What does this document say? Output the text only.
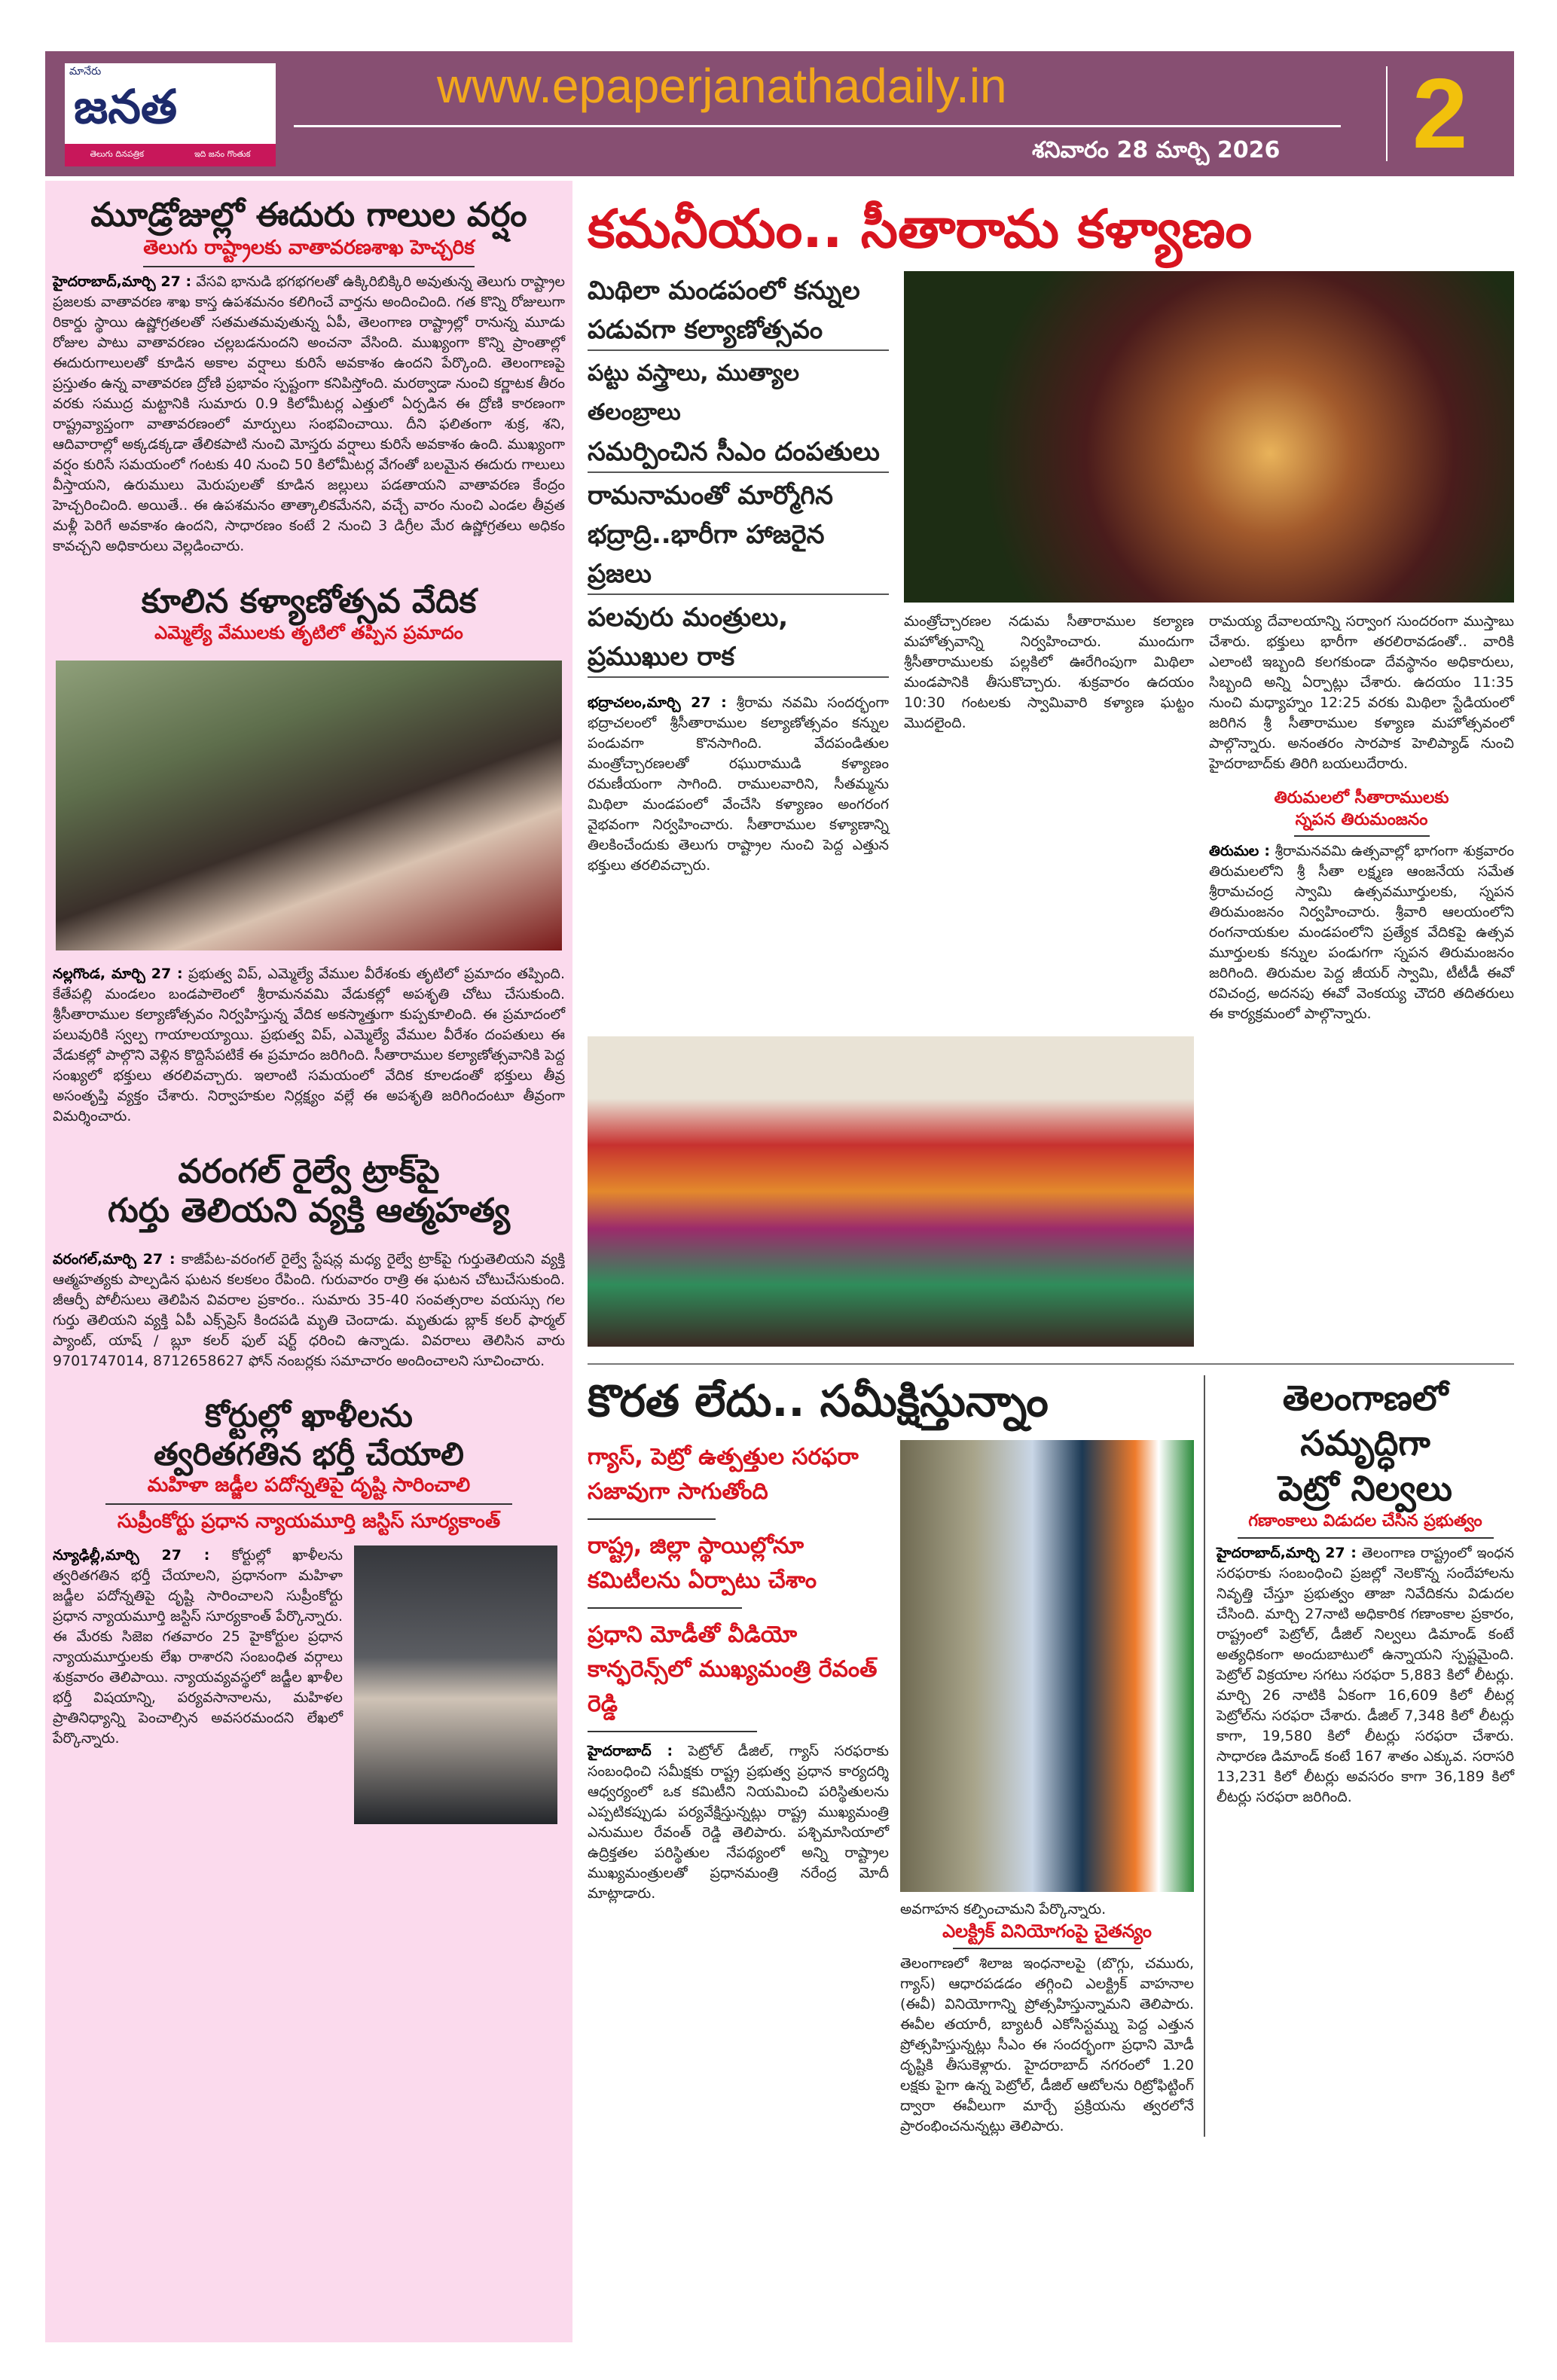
మానేరు
జనత
తెలుగు దినపత్రిక	ఇది జనం గొంతుక
www.epaperjanathadaily.in
శనివారం 28 మార్చి 2026 2
మూడ్రోజుల్లో ఈదురు గాలుల వర్షం
తెలుగు రాష్ట్రాలకు వాతావరణశాఖ హెచ్చరిక
హైదరాబాద్,మార్చి 27 : వేసవి భానుడి భగభగలతో ఉక్కిరిబిక్కిరి అవుతున్న తెలుగు రాష్ట్రాల ప్రజలకు వాతావరణ శాఖ కాస్త ఉపశమనం కలిగించే వార్తను అందించింది. గత కొన్ని రోజులుగా రికార్డు స్థాయి ఉష్ణోగ్రతలతో సతమతమవుతున్న ఏపీ, తెలంగాణ రాష్ట్రాల్లో రానున్న మూడు రోజుల పాటు వాతావరణం చల్లబడనుందని అంచనా వేసింది. ముఖ్యంగా కొన్ని ప్రాంతాల్లో ఈదురుగాలులతో కూడిన అకాల వర్షాలు కురిసే అవకాశం ఉందని పేర్కొంది. తెలంగాణపై ప్రస్తుతం ఉన్న వాతావరణ ద్రోణి ప్రభావం స్పష్టంగా కనిపిస్తోంది. మరఠ్వాడా నుంచి కర్ణాటక తీరం వరకు సముద్ర మట్టానికి సుమారు 0.9 కిలోమీటర్ల ఎత్తులో ఏర్పడిన ఈ ద్రోణి కారణంగా రాష్ట్రవ్యాప్తంగా వాతావరణంలో మార్పులు సంభవించాయి. దీని ఫలితంగా శుక్ర, శని, ఆదివారాల్లో అక్కడక్కడా తేలికపాటి నుంచి మోస్తరు వర్షాలు కురిసే అవకాశం ఉంది. ముఖ్యంగా వర్షం కురిసే సమయంలో గంటకు 40 నుంచి 50 కిలోమీటర్ల వేగంతో బలమైన ఈదురు గాలులు వీస్తాయని, ఉరుములు మెరుపులతో కూడిన జల్లులు పడతాయని వాతావరణ కేంద్రం హెచ్చరించింది. అయితే.. ఈ ఉపశమనం తాత్కాలికమేనని, వచ్చే వారం నుంచి ఎండల తీవ్రత మళ్లీ పెరిగే అవకాశం ఉందని, సాధారణం కంటే 2 నుంచి 3 డిగ్రీల మేర ఉష్ణోగ్రతలు అధికం కావచ్చని అధికారులు వెల్లడించారు.
కూలిన కళ్యాణోత్సవ వేదిక
ఎమ్మెల్యే వేములకు తృటిలో తప్పిన ప్రమాదం
నల్లగొండ, మార్చి 27 : ప్రభుత్వ విప్, ఎమ్మెల్యే వేముల వీరేశంకు తృటిలో ప్రమాదం తప్పింది. కేతేపల్లి మండలం బండపాలెంలో శ్రీరామనవమి వేడుకల్లో అపశృతి చోటు చేసుకుంది. శ్రీసీతారాముల కల్యాణోత్సవం నిర్వహిస్తున్న వేదిక అకస్మాత్తుగా కుప్పకూలింది. ఈ ప్రమాదంలో పలువురికి స్వల్ప గాయాలయ్యాయి. ప్రభుత్వ విప్, ఎమ్మెల్యే వేముల వీరేశం దంపతులు ఈ వేడుకల్లో పాల్గొని వెళ్లిన కొద్దిసేపటికే ఈ ప్రమాదం జరిగింది. సీతారాముల కల్యాణోత్సవానికి పెద్ద సంఖ్యలో భక్తులు తరలివచ్చారు. ఇలాంటి సమయంలో వేదిక కూలడంతో భక్తులు తీవ్ర అసంతృప్తి వ్యక్తం చేశారు. నిర్వాహకుల నిర్లక్ష్యం వల్లే ఈ అపశృతి జరిగిందంటూ తీవ్రంగా విమర్శించారు.
వరంగల్ రైల్వే ట్రాక్‌పై
గుర్తు తెలియని వ్యక్తి ఆత్మహత్య
వరంగల్,మార్చి 27 : కాజీపేట-వరంగల్ రైల్వే స్టేషన్ల మధ్య రైల్వే ట్రాక్‌పై గుర్తుతెలియని వ్యక్తి ఆత్మహత్యకు పాల్పడిన ఘటన కలకలం రేపింది. గురువారం రాత్రి ఈ ఘటన చోటుచేసుకుంది. జీఆర్పీ పోలీసులు తెలిపిన వివరాల ప్రకారం.. సుమారు 35-40 సంవత్సరాల వయస్సు గల గుర్తు తెలియని వ్యక్తి ఏపీ ఎక్స్‌ప్రెస్ కిందపడి మృతి చెందాడు. మృతుడు బ్లాక్ కలర్ ఫార్మల్ ప్యాంట్, యాష్ / బ్లూ కలర్ ఫుల్ షర్ట్ ధరించి ఉన్నాడు. వివరాలు తెలిసిన వారు 9701747014, 8712658627 ఫోన్ నంబర్లకు సమాచారం అందించాలని సూచించారు.
కోర్టుల్లో ఖాళీలను
త్వరితగతిన భర్తీ చేయాలి
మహిళా జడ్జీల పదోన్నతిపై దృష్టి సారించాలి
సుప్రీంకోర్టు ప్రధాన న్యాయమూర్తి జస్టిస్ సూర్యకాంత్
న్యూఢిల్లీ,మార్చి 27 : కోర్టుల్లో ఖాళీలను త్వరితగతిన భర్తీ చేయాలని, ప్రధానంగా మహిళా జడ్జీల పదోన్నతిపై దృష్టి సారించాలని సుప్రీంకోర్టు ప్రధాన న్యాయమూర్తి జస్టిస్ సూర్యకాంత్ పేర్కొన్నారు. ఈ మేరకు సిజెఐ గతవారం 25 హైకోర్టుల ప్రధాన న్యాయమూర్తులకు లేఖ రాశారని సంబంధిత వర్గాలు శుక్రవారం తెలిపాయి. న్యాయవ్యవస్థలో జడ్జీల ఖాళీల భర్తీ విషయాన్ని, పర్యవసానాలను, మహిళల ప్రాతినిధ్యాన్ని పెంచాల్సిన అవసరమందని లేఖలో పేర్కొన్నారు.
కమనీయం.. సీతారామ కళ్యాణం
మిథిలా మండపంలో కన్నుల
పడువగా కల్యాణోత్సవం
పట్టు వస్త్రాలు, ముత్యాల తలంబ్రాలు
సమర్పించిన సీఎం దంపతులు
రామనామంతో మార్మోగిన
భద్రాద్రి..భారీగా హాజరైన ప్రజలు
పలవురు మంత్రులు, ప్రముఖుల రాక
భద్రాచలం,మార్చి 27 : శ్రీరామ నవమి సందర్భంగా భద్రాచలంలో శ్రీసీతారాముల కల్యాణోత్సవం కన్నుల పండువగా కొనసాగింది. వేదపండితుల మంత్రోచ్చారణలతో రఘురాముడి కళ్యాణం రమణీయంగా సాగింది. రాములవారిని, సీతమ్మను మిథిలా మండపంలో వేంచేసి కళ్యాణం అంగరంగ వైభవంగా నిర్వహించారు. సీతారాముల కళ్యాణాన్ని తిలకించేందుకు తెలుగు రాష్ట్రాల నుంచి పెద్ద ఎత్తున భక్తులు తరలివచ్చారు.
మంత్రోచ్చారణల నడుమ సీతారాముల కల్యాణ మహోత్సవాన్ని నిర్వహించారు. ముందుగా శ్రీసీతారాములకు పల్లకిలో ఊరేగింపుగా మిథిలా మండపానికి తీసుకొచ్చారు. శుక్రవారం ఉదయం 10:30 గంటలకు స్వామివారి కళ్యాణ ఘట్టం మొదలైంది.
రామయ్య దేవాలయాన్ని సర్వాంగ సుందరంగా ముస్తాబు చేశారు. భక్తులు భారీగా తరలిరావడంతో.. వారికి ఎలాంటి ఇబ్బంది కలగకుండా దేవస్థానం అధికారులు, సిబ్బంది అన్ని ఏర్పాట్లు చేశారు. ఉదయం 11:35 నుంచి మధ్యాహ్నం 12:25 వరకు మిథిలా స్టేడియంలో జరిగిన శ్రీ సీతారాముల కళ్యాణ మహోత్సవంలో పాల్గొన్నారు. అనంతరం సారపాక హెలిప్యాడ్ నుంచి హైదరాబాద్‌కు తిరిగి బయలుదేరారు.
తిరుమలలో సీతారాములకు
స్నపన తిరుమంజనం
తిరుమల : శ్రీరామనవమి ఉత్సవాల్లో భాగంగా శుక్రవారం తిరుమలలోని శ్రీ సీతా లక్ష్మణ ఆంజనేయ సమేత శ్రీరామచంద్ర స్వామి ఉత్సవమూర్తులకు, స్నపన తిరుమంజనం నిర్వహించారు. శ్రీవారి ఆలయంలోని రంగనాయకుల మండపంలోని ప్రత్యేక వేదికపై ఉత్సవ మూర్తులకు కన్నుల పండుగగా స్నపన తిరుమంజనం జరిగింది. తిరుమల పెద్ద జీయర్ స్వామి, టీటీడీ ఈవో రవిచంద్ర, అదనపు ఈవో వెంకయ్య చౌదరి తదితరులు ఈ కార్యక్రమంలో పాల్గొన్నారు.
కొరత లేదు.. సమీక్షిస్తున్నాం
గ్యాస్, పెట్రో ఉత్పత్తుల సరఫరా సజావుగా సాగుతోంది
రాష్ట్ర, జిల్లా స్థాయిల్లోనూ కమిటీలను ఏర్పాటు చేశాం
ప్రధాని మోడీతో వీడియో కాన్ఫరెన్స్‌లో ముఖ్యమంత్రి రేవంత్ రెడ్డి
హైదరాబాద్ : పెట్రోల్ డీజిల్, గ్యాస్ సరఫరాకు సంబంధించి సమీక్షకు రాష్ట్ర ప్రభుత్వ ప్రధాన కార్యదర్శి ఆధ్వర్యంలో ఒక కమిటీని నియమించి పరిస్థితులను ఎప్పటికప్పుడు పర్యవేక్షిస్తున్నట్లు రాష్ట్ర ముఖ్యమంత్రి ఎనుముల రేవంత్ రెడ్డి తెలిపారు. పశ్చిమాసియాలో ఉద్రిక్తతల పరిస్థితుల నేపథ్యంలో అన్ని రాష్ట్రాల ముఖ్యమంత్రులతో ప్రధానమంత్రి నరేంద్ర మోదీ మాట్లాడారు.
అవగాహన కల్పించామని పేర్కొన్నారు.
ఎలక్ట్రిక్ వినియోగంపై చైతన్యం
తెలంగాణలో శిలాజ ఇంధనాలపై (బొగ్గు, చమురు, గ్యాస్) ఆధారపడడం తగ్గించి ఎలక్ట్రిక్ వాహనాల (ఈవీ) వినియోగాన్ని ప్రోత్సహిస్తున్నామని తెలిపారు. ఈవీల తయారీ, బ్యాటరీ ఎకోసిస్టమ్ను పెద్ద ఎత్తున ప్రోత్సహిస్తున్నట్లు సీఎం ఈ సందర్భంగా ప్రధాని మోడీ దృష్టికి తీసుకెళ్లారు. హైదరాబాద్ నగరంలో 1.20 లక్షకు పైగా ఉన్న పెట్రోల్, డీజిల్ ఆటోలను రిట్రోఫిట్టింగ్ ద్వారా ఈవీలుగా మార్చే ప్రక్రియను త్వరలోనే ప్రారంభించనున్నట్లు తెలిపారు.
తెలంగాణలో
సమృద్ధిగా
పెట్రో నిల్వలు
గణాంకాలు విడుదల చేసిన ప్రభుత్వం
హైదరాబాద్,మార్చి 27 : తెలంగాణ రాష్ట్రంలో ఇంధన సరఫరాకు సంబంధించి ప్రజల్లో నెలకొన్న సందేహాలను నివృత్తి చేస్తూ ప్రభుత్వం తాజా నివేదికను విడుదల చేసింది. మార్చి 27నాటి అధికారిక గణాంకాల ప్రకారం, రాష్ట్రంలో పెట్రోల్, డీజిల్ నిల్వలు డిమాండ్ కంటే అత్యధికంగా అందుబాటులో ఉన్నాయని స్పష్టమైంది. పెట్రోల్ విక్రయాల సగటు సరఫరా 5,883 కిలో లీటర్లు. మార్చి 26 నాటికి ఏకంగా 16,609 కిలో లీటర్ల పెట్రోల్‌ను సరఫరా చేశారు. డీజిల్ 7,348 కిలో లీటర్లు కాగా, 19,580 కిలో లీటర్లు సరఫరా చేశారు. సాధారణ డిమాండ్ కంటే 167 శాతం ఎక్కువ. సరాసరి 13,231 కిలో లీటర్లు అవసరం కాగా 36,189 కిలో లీటర్లు సరఫరా జరిగింది.
